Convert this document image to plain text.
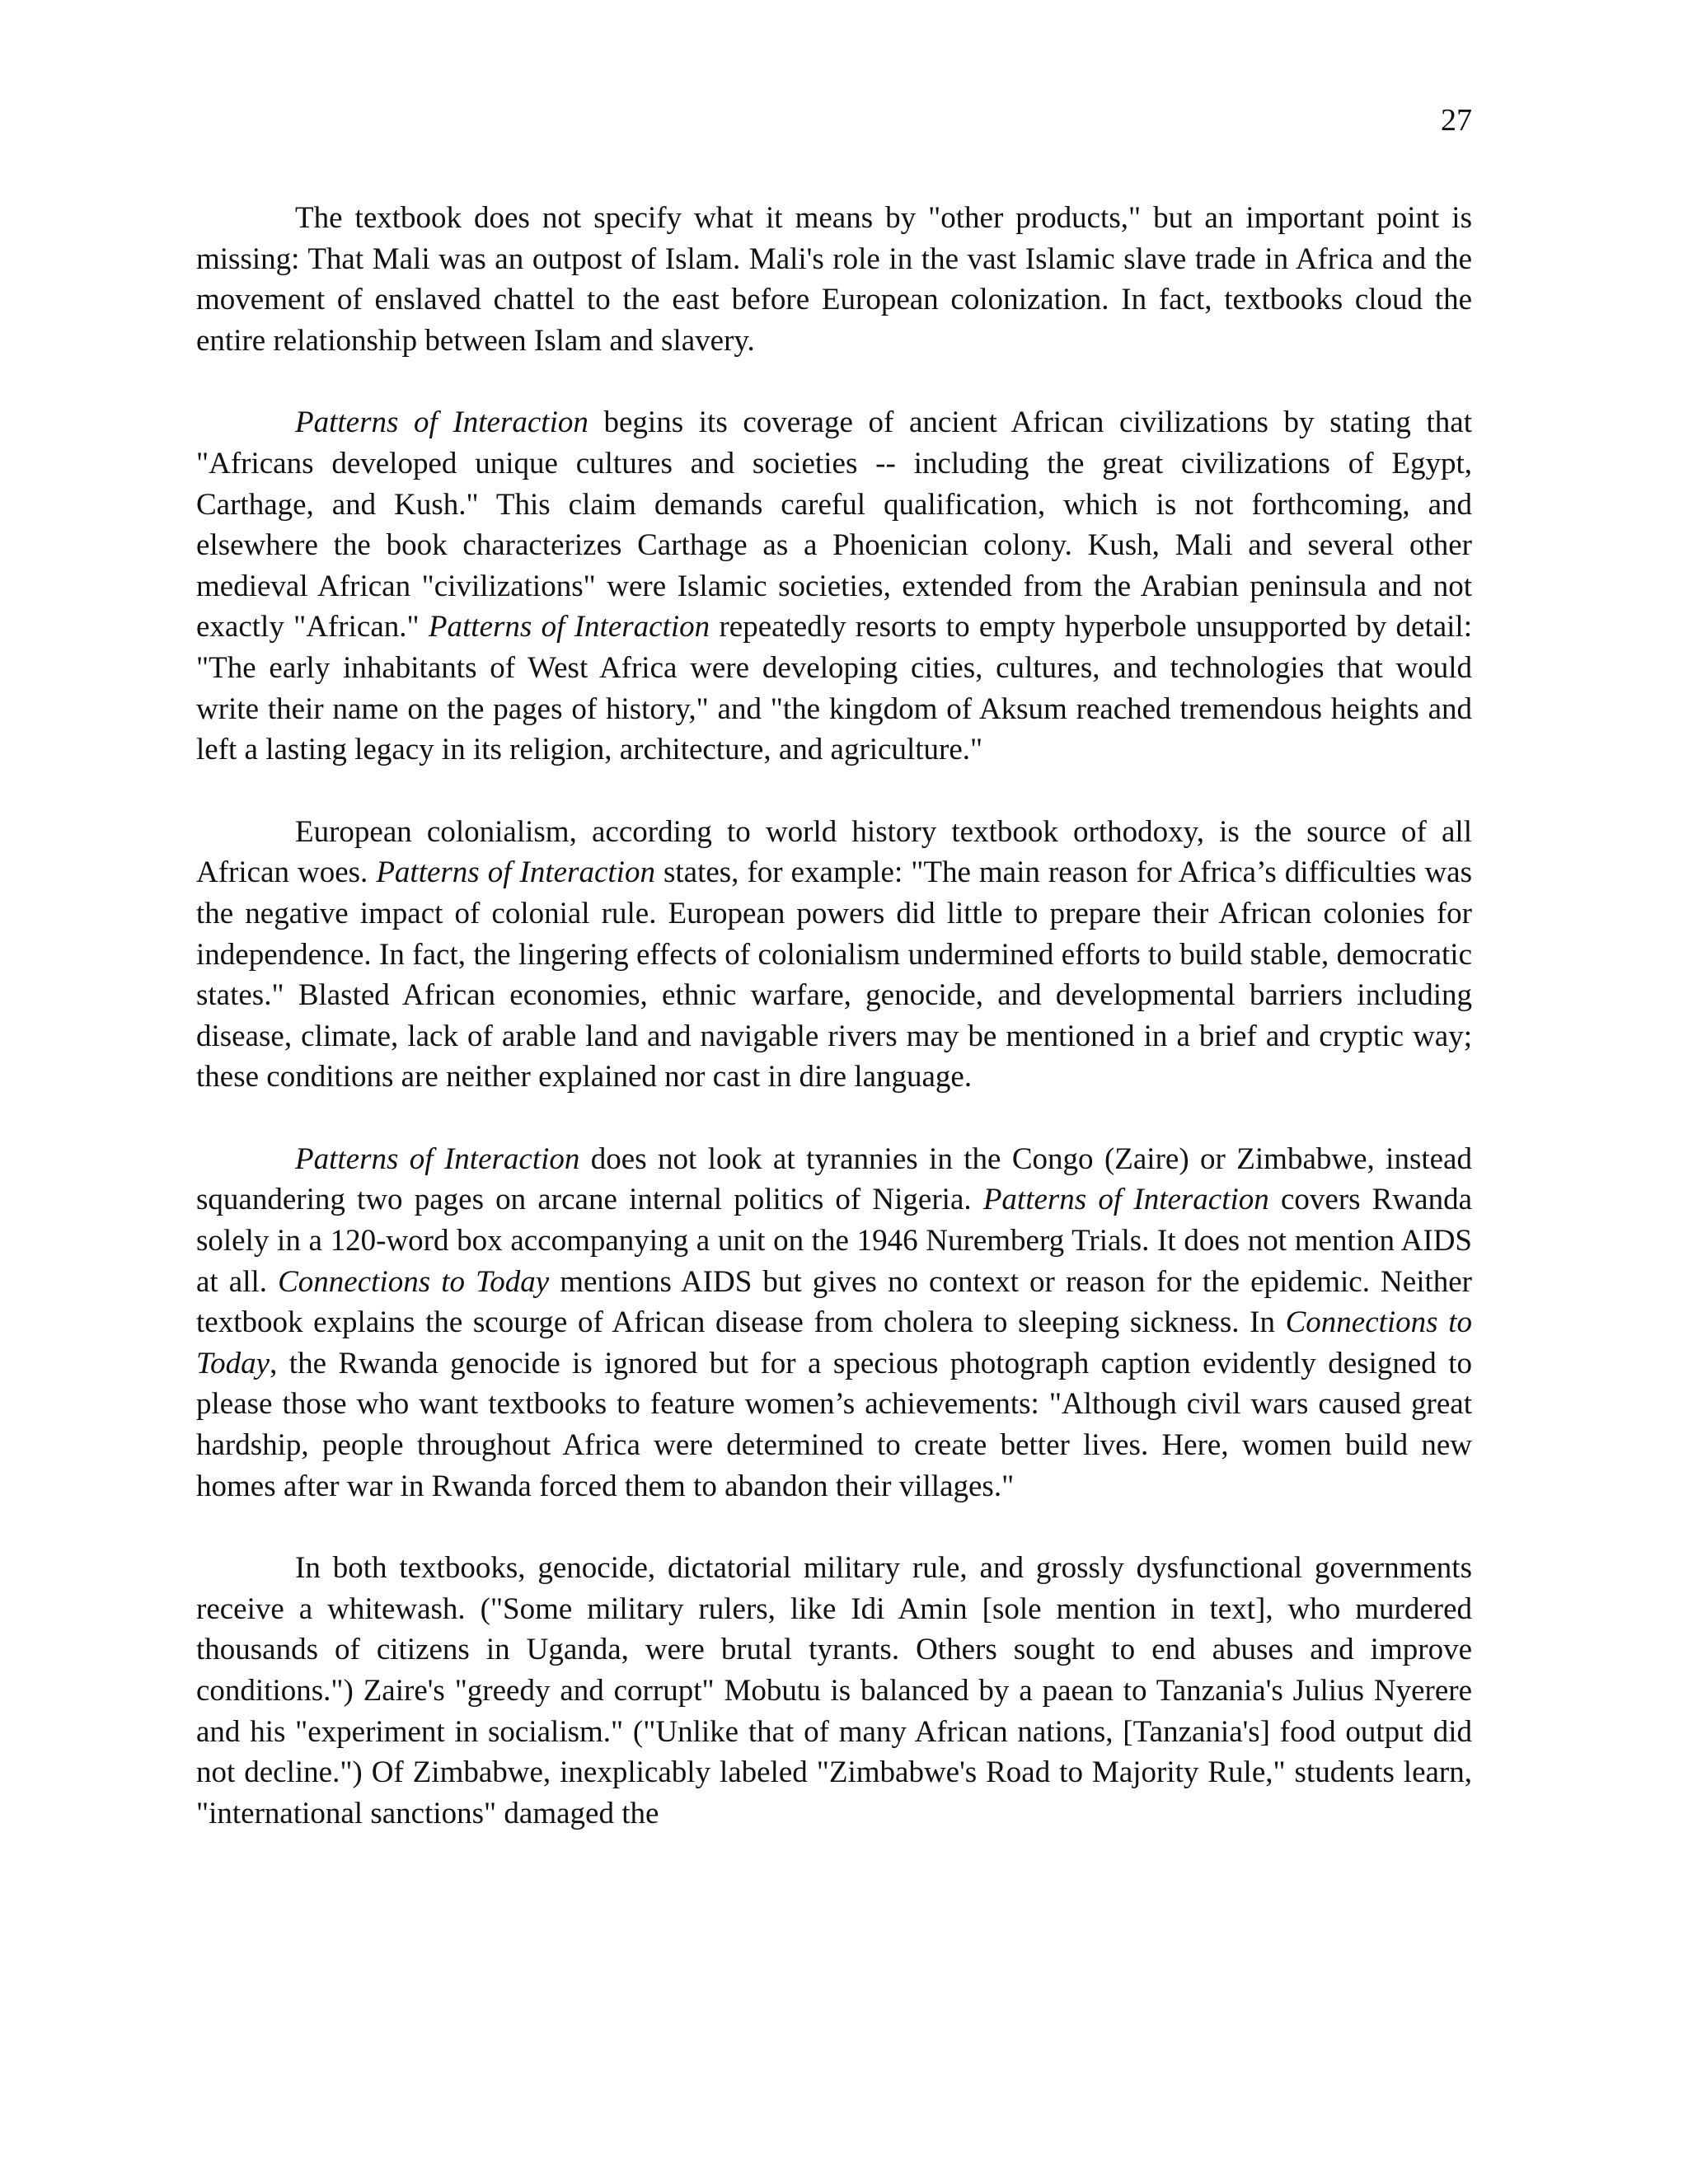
27

The textbook does not specify what it means by "other products," but an important point is missing: That Mali was an outpost of Islam. Mali's role in the vast Islamic slave trade in Africa and the movement of enslaved chattel to the east before European colonization. In fact, textbooks cloud the entire relationship between Islam and slavery.

Patterns of Interaction begins its coverage of ancient African civilizations by stating that "Africans developed unique cultures and societies -- including the great civilizations of Egypt, Carthage, and Kush." This claim demands careful qualification, which is not forthcoming, and elsewhere the book characterizes Carthage as a Phoenician colony. Kush, Mali and several other medieval African "civilizations" were Islamic societies, extended from the Arabian peninsula and not exactly "African." Patterns of Interaction repeatedly resorts to empty hyperbole unsupported by detail: "The early inhabitants of West Africa were developing cities, cultures, and technologies that would write their name on the pages of history," and "the kingdom of Aksum reached tremendous heights and left a lasting legacy in its religion, architecture, and agriculture."

European colonialism, according to world history textbook orthodoxy, is the source of all African woes. Patterns of Interaction states, for example: "The main reason for Africa’s difficulties was the negative impact of colonial rule. European powers did little to prepare their African colonies for independence. In fact, the lingering effects of colonialism undermined efforts to build stable, democratic states." Blasted African economies, ethnic warfare, genocide, and developmental barriers including disease, climate, lack of arable land and navigable rivers may be mentioned in a brief and cryptic way; these conditions are neither explained nor cast in dire language.

Patterns of Interaction does not look at tyrannies in the Congo (Zaire) or Zimbabwe, instead squandering two pages on arcane internal politics of Nigeria. Patterns of Interaction covers Rwanda solely in a 120-word box accompanying a unit on the 1946 Nuremberg Trials. It does not mention AIDS at all. Connections to Today mentions AIDS but gives no context or reason for the epidemic. Neither textbook explains the scourge of African disease from cholera to sleeping sickness. In Connections to Today, the Rwanda genocide is ignored but for a specious photograph caption evidently designed to please those who want textbooks to feature women’s achievements: "Although civil wars caused great hardship, people throughout Africa were determined to create better lives. Here, women build new homes after war in Rwanda forced them to abandon their villages."

In both textbooks, genocide, dictatorial military rule, and grossly dysfunctional governments receive a whitewash. ("Some military rulers, like Idi Amin [sole mention in text], who murdered thousands of citizens in Uganda, were brutal tyrants. Others sought to end abuses and improve conditions.") Zaire's "greedy and corrupt" Mobutu is balanced by a paean to Tanzania's Julius Nyerere and his "experiment in socialism." ("Unlike that of many African nations, [Tanzania's] food output did not decline.") Of Zimbabwe, inexplicably labeled "Zimbabwe's Road to Majority Rule," students learn, "international sanctions" damaged the
